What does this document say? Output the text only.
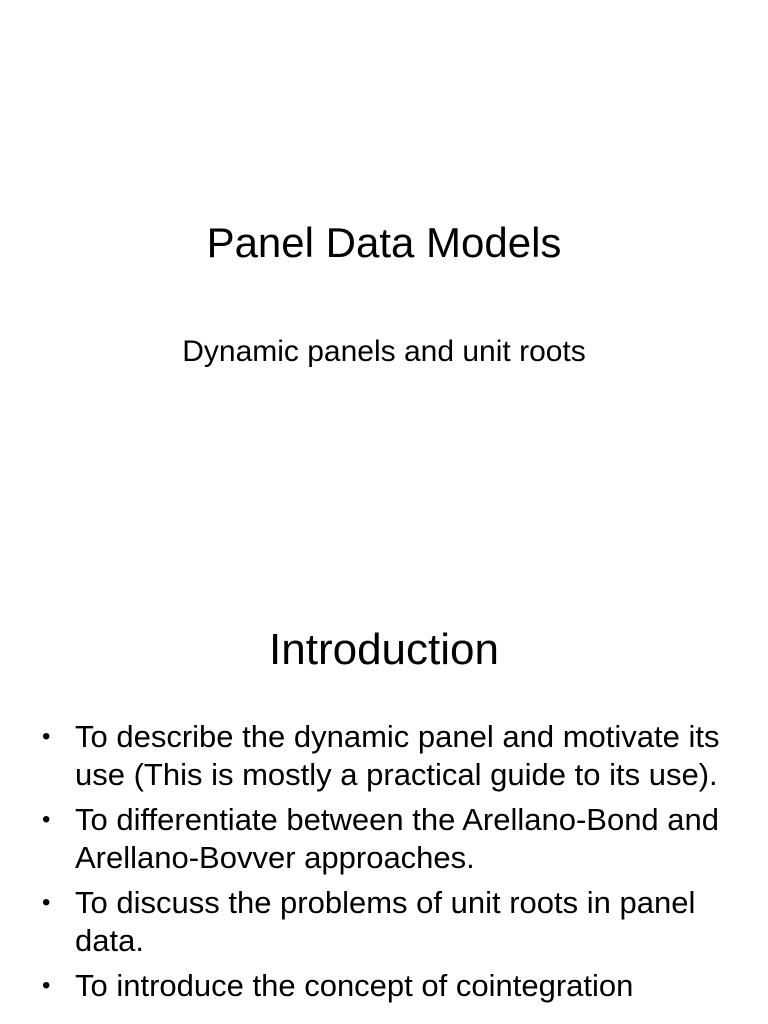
Panel Data Models
Dynamic panels and unit roots
Introduction
• To describe the dynamic panel and motivate its use (This is mostly a practical guide to its use).
• To differentiate between the Arellano-Bond and Arellano-Bovver approaches.
• To discuss the problems of unit roots in panel data.
• To introduce the concept of cointegration
